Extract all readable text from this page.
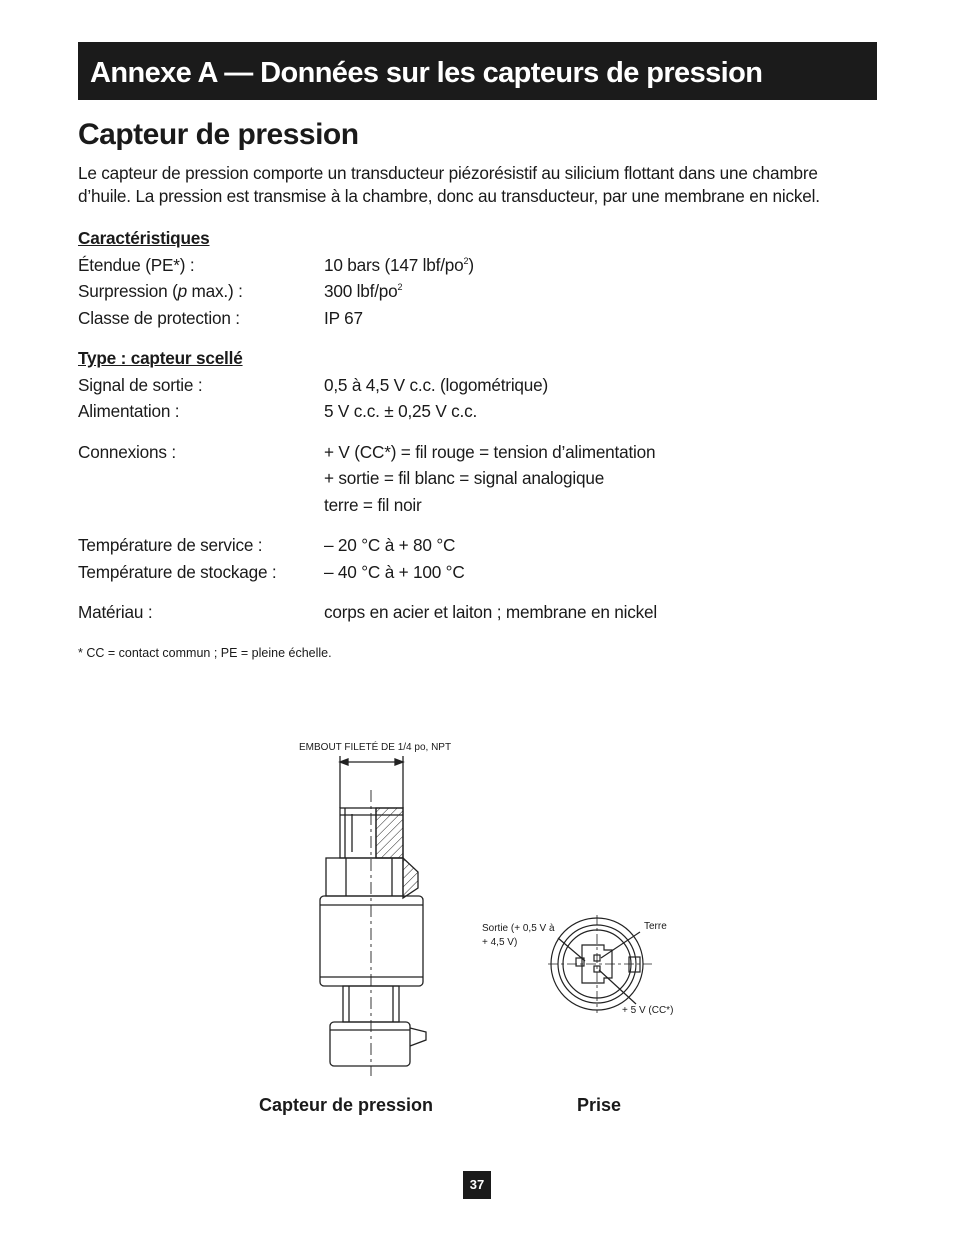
Annexe A — Données sur les capteurs de pression
Capteur de pression
Le capteur de pression comporte un transducteur piézorésistif au silicium flottant dans une chambre
d’huile. La pression est transmise à la chambre, donc au transducteur, par une membrane en nickel.
Caractéristiques
Étendue (PE*) :	10 bars (147 lbf/$po^2$)
Surpression (p max.) :	300 lbf/$po^2$
Classe de protection :	IP 67
Type : capteur scellé
Signal de sortie :	0,5 à 4,5 V c.c. (logométrique)
Alimentation :	5 V c.c. ± 0,25 V c.c.
Connexions :	+ V (CC*) = fil rouge = tension d’alimentation
+ sortie = fil blanc = signal analogique
terre = fil noir
Température de service :	– 20 °C à + 80 °C
Température de stockage :	– 40 °C à + 100 °C
Matériau :	corps en acier et laiton ; membrane en nickel
* CC = contact commun ; PE = pleine échelle.
EMBOUT FILETÉ DE 1/4 po, NPT
Sortie (+ 0,5 V à
+ 4,5 V)
Terre
+ 5 V (CC*)
Capteur de pression	Prise
37
